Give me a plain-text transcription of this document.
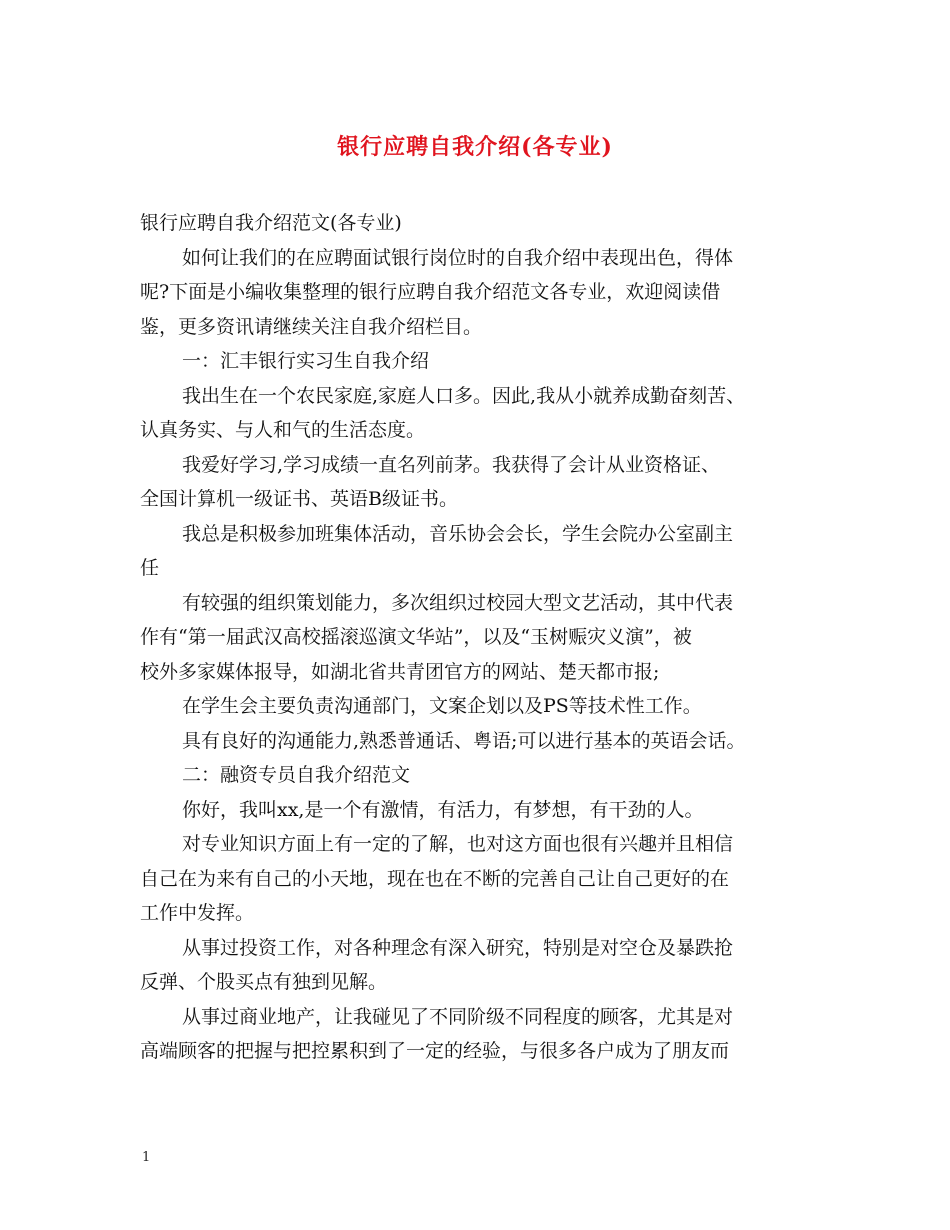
银行应聘自我介绍(各专业)
银行应聘自我介绍范文(各专业)
如何让我们的在应聘面试银行岗位时的自我介绍中表现出色，得体
呢?下面是小编收集整理的银行应聘自我介绍范文各专业，欢迎阅读借
鉴，更多资讯请继续关注自我介绍栏目。
一：汇丰银行实习生自我介绍
我出生在一个农民家庭,家庭人口多。因此,我从小就养成勤奋刻苦、
认真务实、与人和气的生活态度。
我爱好学习,学习成绩一直名列前茅。我获得了会计从业资格证、
全国计算机一级证书、英语B级证书。
我总是积极参加班集体活动，音乐协会会长，学生会院办公室副主
任
有较强的组织策划能力，多次组织过校园大型文艺活动，其中代表
作有“第一届武汉高校摇滚巡演文华站”，以及“玉树赈灾义演”，被
校外多家媒体报导，如湖北省共青团官方的网站、楚天都市报;
在学生会主要负责沟通部门，文案企划以及PS等技术性工作。
具有良好的沟通能力,熟悉普通话、粤语;可以进行基本的英语会话。
二：融资专员自我介绍范文
你好，我叫xx,是一个有激情，有活力，有梦想，有干劲的人。
对专业知识方面上有一定的了解，也对这方面也很有兴趣并且相信
自己在为来有自己的小天地，现在也在不断的完善自己让自己更好的在
工作中发挥。
从事过投资工作，对各种理念有深入研究，特别是对空仓及暴跌抢
反弹、个股买点有独到见解。
从事过商业地产，让我碰见了不同阶级不同程度的顾客，尤其是对
高端顾客的把握与把控累积到了一定的经验，与很多各户成为了朋友而
1
